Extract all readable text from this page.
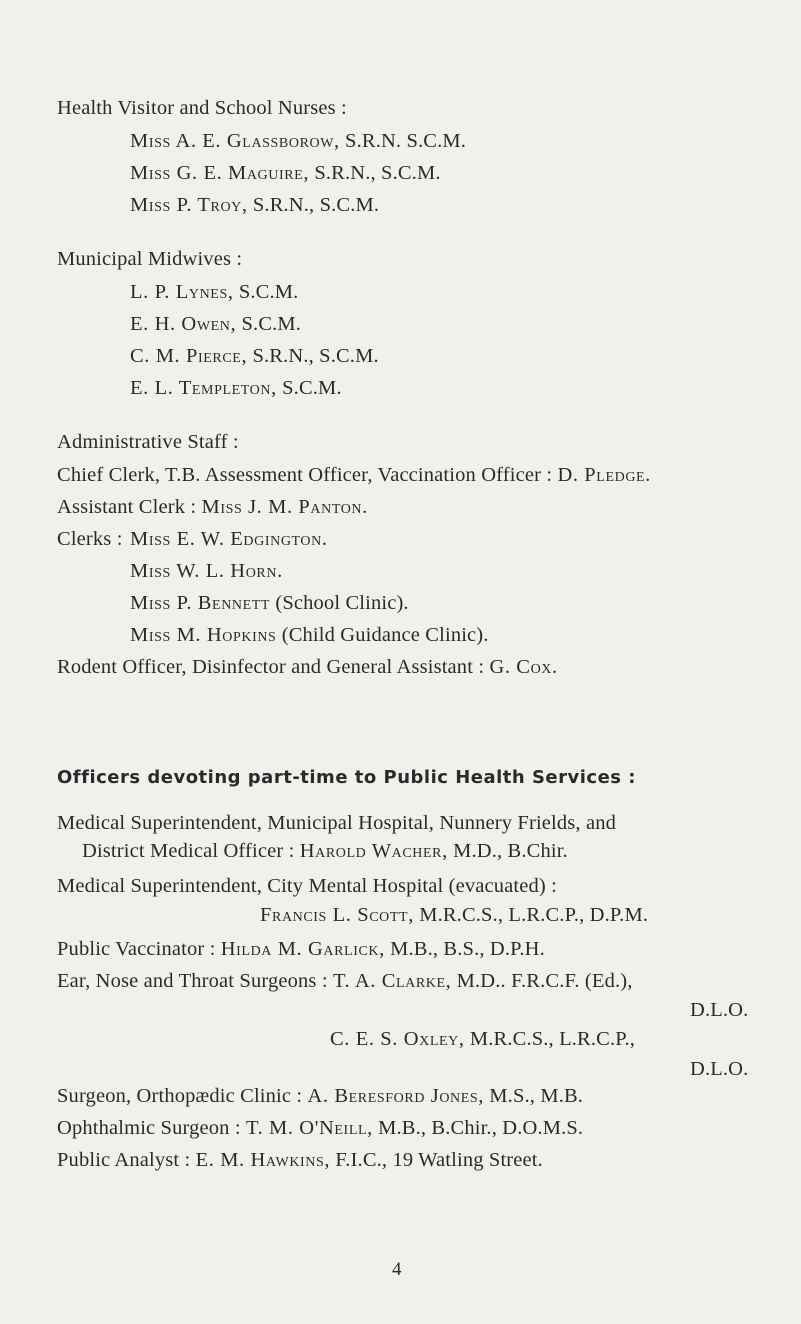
Health Visitor and School Nurses :
Miss A. E. Glassborow, S.R.N. S.C.M.
Miss G. E. Maguire, S.R.N., S.C.M.
Miss P. Troy, S.R.N., S.C.M.
Municipal Midwives :
L. P. Lynes, S.C.M.
E. H. Owen, S.C.M.
C. M. Pierce, S.R.N., S.C.M.
E. L. Templeton, S.C.M.
Administrative Staff :
Chief Clerk, T.B. Assessment Officer, Vaccination Officer : D. Pledge.
Assistant Clerk : Miss J. M. Panton.
Clerks : Miss E. W. Edgington.
Miss W. L. Horn.
Miss P. Bennett (School Clinic).
Miss M. Hopkins (Child Guidance Clinic).
Rodent Officer, Disinfector and General Assistant : G. Cox.
Officers devoting part-time to Public Health Services :
Medical Superintendent, Municipal Hospital, Nunnery Frields, and
District Medical Officer : Harold Wacher, M.D., B.Chir.
Medical Superintendent, City Mental Hospital (evacuated) :
Francis L. Scott, M.R.C.S., L.R.C.P., D.P.M.
Public Vaccinator : Hilda M. Garlick, M.B., B.S., D.P.H.
Ear, Nose and Throat Surgeons : T. A. Clarke, M.D.. F.R.C.F. (Ed.),
D.L.O.
C. E. S. Oxley, M.R.C.S., L.R.C.P.,
D.L.O.
Surgeon, Orthopædic Clinic : A. Beresford Jones, M.S., M.B.
Ophthalmic Surgeon : T. M. O'Neill, M.B., B.Chir., D.O.M.S.
Public Analyst : E. M. Hawkins, F.I.C., 19 Watling Street.
4
